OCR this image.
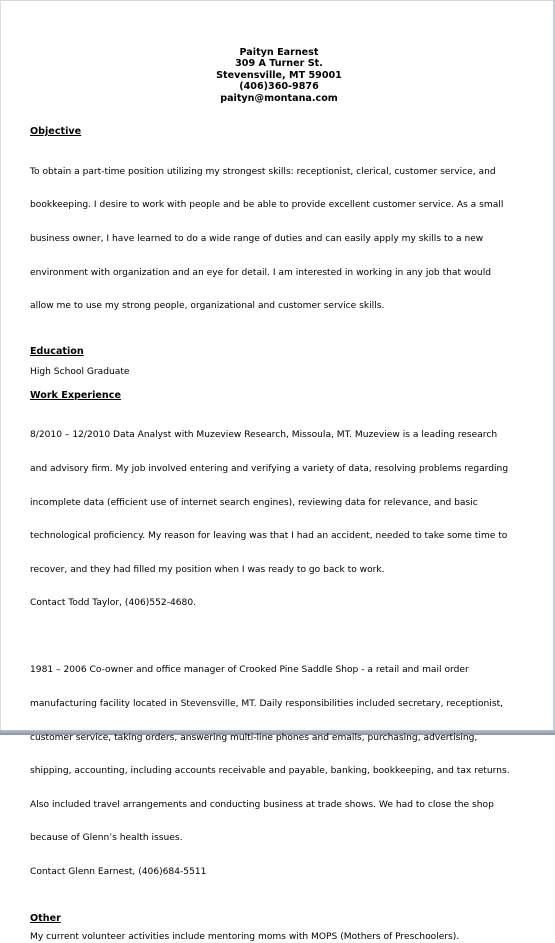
Paityn Earnest
309 A Turner St.
Stevensville, MT 59001
(406)360-9876
paityn@montana.com
Objective

To obtain a part-time position utilizing my strongest skills: receptionist, clerical, customer service, and

bookkeeping. I desire to work with people and be able to provide excellent customer service. As a small

business owner, I have learned to do a wide range of duties and can easily apply my skills to a new

environment with organization and an eye for detail. I am interested in working in any job that would

allow me to use my strong people, organizational and customer service skills.

Education
High School Graduate
Work Experience

8/2010 – 12/2010 Data Analyst with Muzeview Research, Missoula, MT. Muzeview is a leading research

and advisory firm. My job involved entering and verifying a variety of data, resolving problems regarding

incomplete data (efficient use of internet search engines), reviewing data for relevance, and basic

technological proficiency. My reason for leaving was that I had an accident, needed to take some time to

recover, and they had filled my position when I was ready to go back to work.

Contact Todd Taylor, (406)552-4680.

1981 – 2006 Co-owner and office manager of Crooked Pine Saddle Shop - a retail and mail order

manufacturing facility located in Stevensville, MT. Daily responsibilities included secretary, receptionist,

customer service, taking orders, answering multi-line phones and emails, purchasing, advertising,

shipping, accounting, including accounts receivable and payable, banking, bookkeeping, and tax returns.

Also included travel arrangements and conducting business at trade shows. We had to close the shop

because of Glenn’s health issues.

Contact Glenn Earnest, (406)684-5511

Other
My current volunteer activities include mentoring moms with MOPS (Mothers of Preschoolers).
